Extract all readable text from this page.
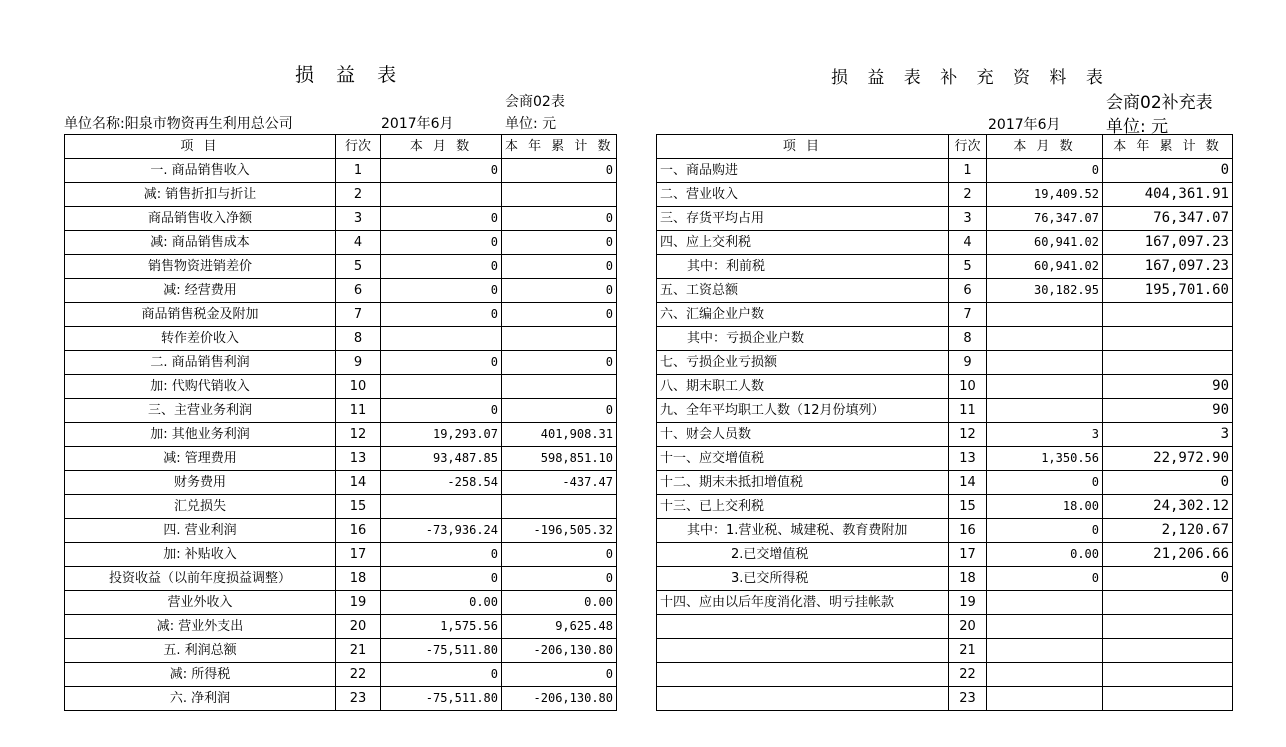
损 益 表
会商02表
单位名称:阳泉市物资再生利用总公司	2017年6月	单位: 元
损 益 表 补 充 资 料 表
会商02补充表
2017年6月	单位: 元
项 目	行次	本 月 数	本 年 累 计 数
一. 商品销售收入	1	0	0
减: 销售折扣与折让	2		
商品销售收入净额	3	0	0
减: 商品销售成本	4	0	0
销售物资进销差价	5	0	0
减: 经营费用	6	0	0
商品销售税金及附加	7	0	0
转作差价收入	8		
二. 商品销售利润	9	0	0
加: 代购代销收入	10		
三、主营业务利润	11	0	0
加: 其他业务利润	12	19,293.07	401,908.31
减: 管理费用	13	93,487.85	598,851.10
财务费用	14	-258.54	-437.47
汇兑损失	15		
四. 营业利润	16	-73,936.24	-196,505.32
加: 补贴收入	17	0	0
投资收益（以前年度损益调整）	18	0	0
营业外收入	19	0.00	0.00
减: 营业外支出	20	1,575.56	9,625.48
五. 利润总额	21	-75,511.80	-206,130.80
减: 所得税	22	0	0
六. 净利润	23	-75,511.80	-206,130.80
项 目	行次	本 月 数	本 年 累 计 数
一、商品购进	1	0	0
二、营业收入	2	19,409.52	404,361.91
三、存货平均占用	3	76,347.07	76,347.07
四、应上交利税	4	60,941.02	167,097.23
其中：利前税	5	60,941.02	167,097.23
五、工资总额	6	30,182.95	195,701.60
六、汇编企业户数	7		
其中：亏损企业户数	8		
七、亏损企业亏损额	9		
八、期末职工人数	10		90
九、全年平均职工人数（12月份填列）	11		90
十、财会人员数	12	3	3
十一、应交增值税	13	1,350.56	22,972.90
十二、期末未抵扣增值税	14	0	0
十三、已上交利税	15	18.00	24,302.12
其中：1.营业税、城建税、教育费附加	16	0	2,120.67
2.已交增值税	17	0.00	21,206.66
3.已交所得税	18	0	0
十四、应由以后年度消化潜、明亏挂帐款	19		
	20		
	21		
	22		
	23		
